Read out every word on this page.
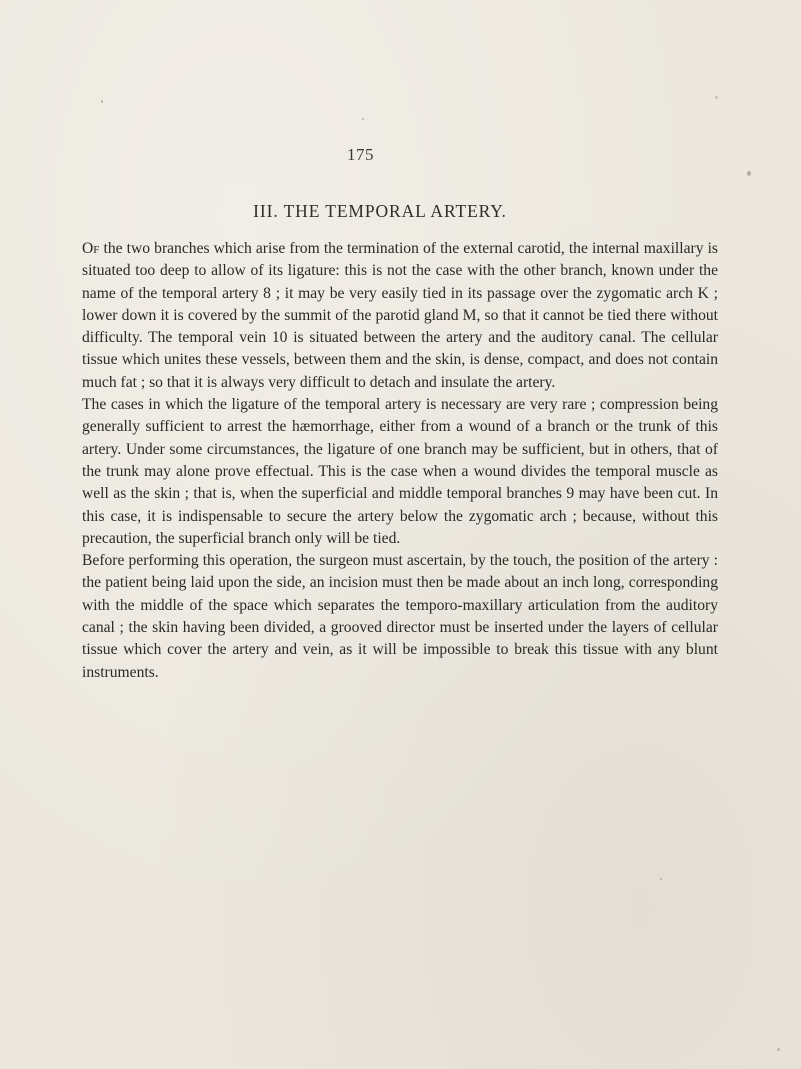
175
III. THE TEMPORAL ARTERY.

Of the two branches which arise from the termination of the external carotid, the internal maxillary is situated too deep to allow of its ligature: this is not the case with the other branch, known under the name of the temporal artery 8 ; it may be very easily tied in its passage over the zygomatic arch K ; lower down it is covered by the summit of the parotid gland M, so that it cannot be tied there without difficulty. The temporal vein 10 is situated between the artery and the auditory canal. The cellular tissue which unites these vessels, between them and the skin, is dense, compact, and does not contain much fat ; so that it is always very difficult to detach and insulate the artery.

The cases in which the ligature of the temporal artery is necessary are very rare ; compression being generally sufficient to arrest the hæmorrhage, either from a wound of a branch or the trunk of this artery. Under some circumstances, the ligature of one branch may be sufficient, but in others, that of the trunk may alone prove effectual. This is the case when a wound divides the temporal muscle as well as the skin ; that is, when the superficial and middle temporal branches 9 may have been cut. In this case, it is indispensable to secure the artery below the zygomatic arch ; because, without this precaution, the superficial branch only will be tied.

Before performing this operation, the surgeon must ascertain, by the touch, the position of the artery : the patient being laid upon the side, an incision must then be made about an inch long, corresponding with the middle of the space which separates the temporo-maxillary articulation from the auditory canal ; the skin having been divided, a grooved director must be inserted under the layers of cellular tissue which cover the artery and vein, as it will be impossible to break this tissue with any blunt instruments.
